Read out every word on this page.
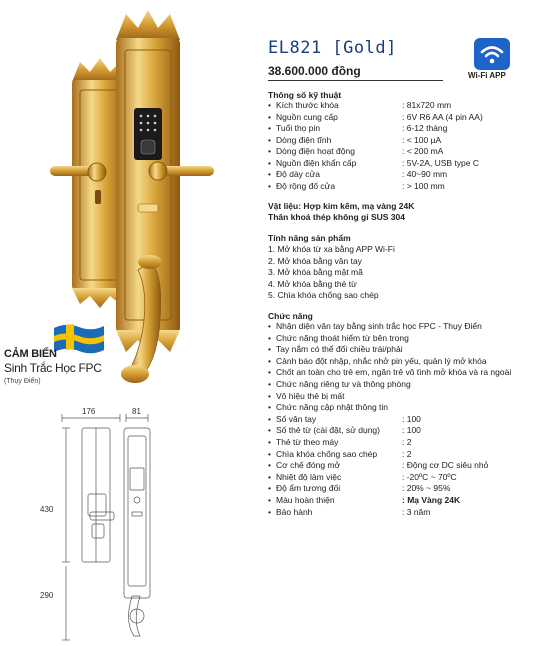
CẢM BIẾN
Sinh Trắc Học FPC
(Thụy Điển)
176	81
430
290
EL821 [Gold]
38.600.000 đồng	Wi-Fi APP
Thông số kỹ thuật
• Kích thước khóa	: 81x720 mm
• Nguồn cung cấp	: 6V R6 AA (4 pin AA)
• Tuổi thọ pin	: 6-12 tháng
• Dòng điện tĩnh	: < 100 µA
• Dòng điện hoạt động	: < 200 mA
• Nguồn điện khẩn cấp	: 5V-2A, USB type C
• Độ dày cửa	: 40~90 mm
• Độ rộng đố cửa	: > 100 mm
Vật liệu: Hợp kim kẽm, mạ vàng 24K
Thân khoá thép không gỉ SUS 304
Tính năng sản phẩm
1. Mở khóa từ xa bằng APP Wi-Fi
2. Mở khóa bằng vân tay
3. Mở khóa bằng mật mã
4. Mở khóa bằng thẻ từ
5. Chìa khóa chống sao chép
Chức năng
• Nhận diện vân tay bằng sinh trắc học FPC - Thụy Điển
• Chức năng thoát hiểm từ bên trong
• Tay nắm có thể đổi chiều trái/phải
• Cảnh báo đột nhập, nhắc nhở pin yếu, quản lý mở khóa
• Chốt an toàn cho trẻ em, ngăn trẻ vô tình mở khóa và ra ngoài
• Chức năng riêng tư và thông phòng
• Vô hiệu thẻ bị mất
• Chức năng cập nhật thông tin
• Số vân tay	: 100
• Số thẻ từ (cài đặt, sử dụng)	: 100
• Thẻ từ theo máy	: 2
• Chìa khóa chống sao chép	: 2
• Cơ chế đóng mở	: Động cơ DC siêu nhỏ
• Nhiệt độ làm việc	: -20ºC ~ 70ºC
• Độ ẩm tương đối	: 20% ~ 95%
• Màu hoàn thiện	: Mạ Vàng 24K
• Bảo hành	: 3 năm
